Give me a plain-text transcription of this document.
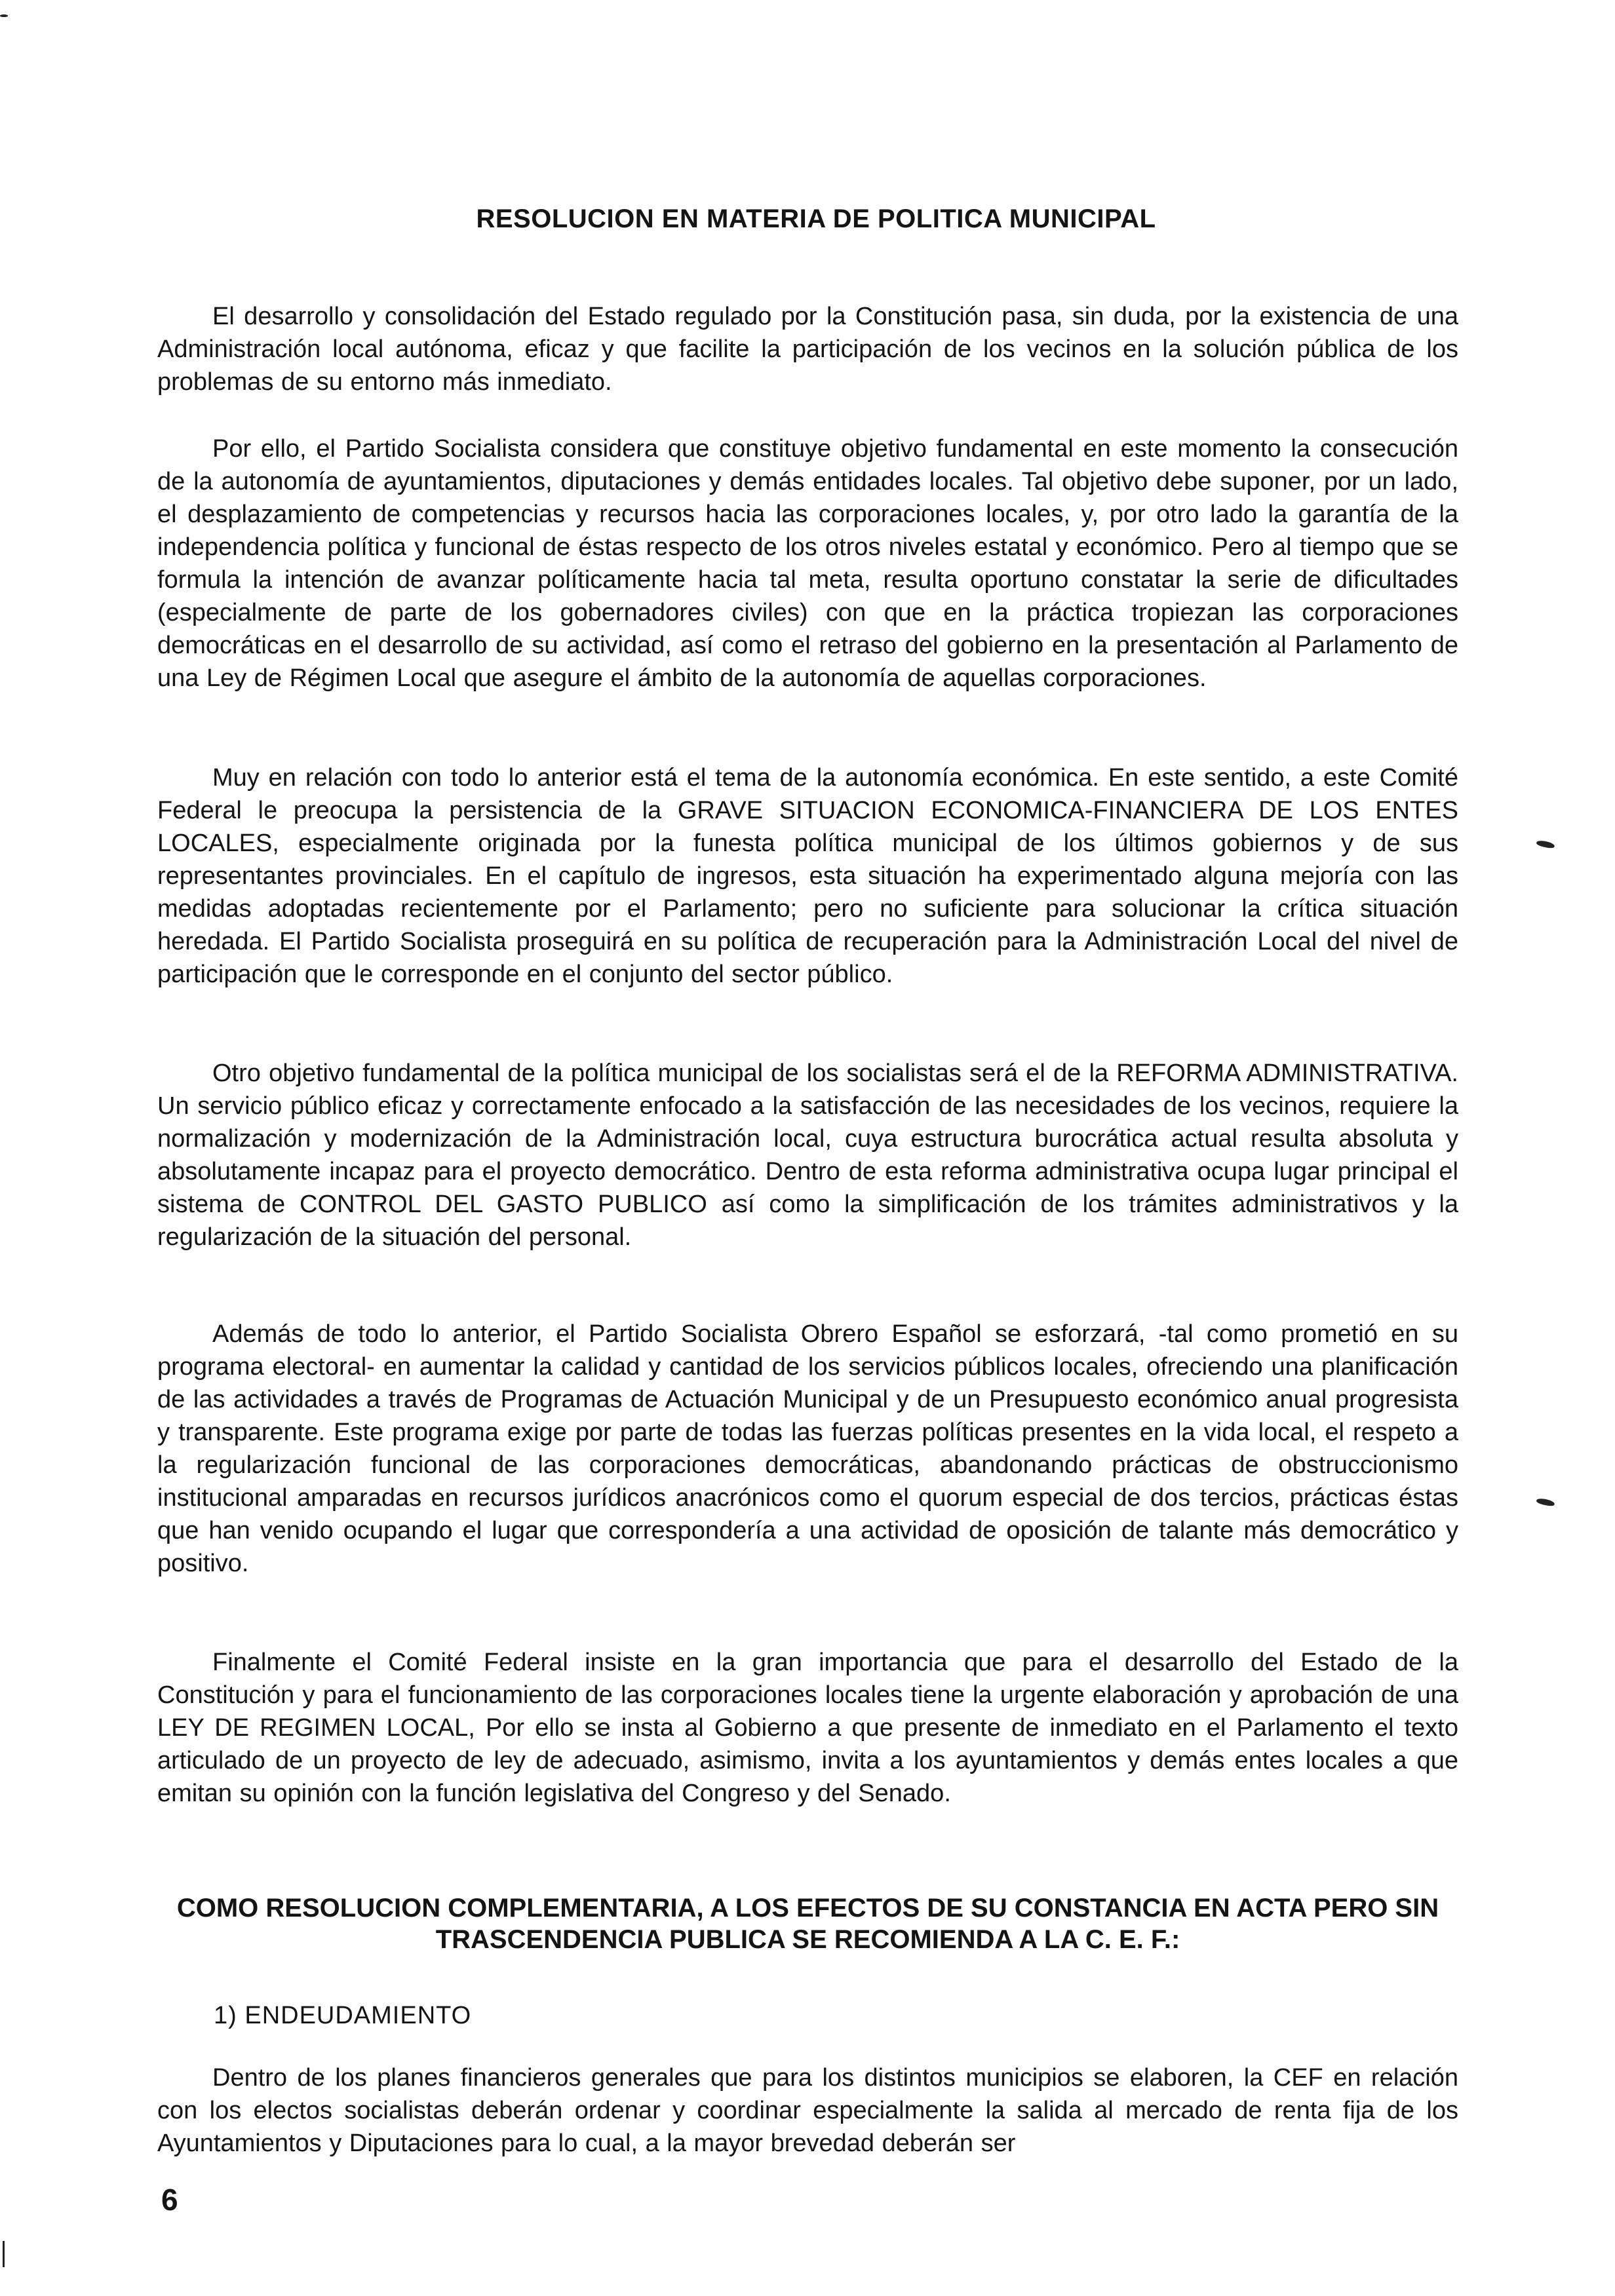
RESOLUCION EN MATERIA DE POLITICA MUNICIPAL

El desarrollo y consolidación del Estado regulado por la Constitución pasa, sin duda, por la existencia de una Administración local autónoma, eficaz y que facilite la participación de los vecinos en la solución pública de los problemas de su entorno más inmediato.

Por ello, el Partido Socialista considera que constituye objetivo fundamental en este momento la consecución de la autonomía de ayuntamientos, diputaciones y demás entidades locales. Tal objetivo debe suponer, por un lado, el desplazamiento de competencias y recursos hacia las corporaciones locales, y, por otro lado la garantía de la independencia política y funcional de éstas respecto de los otros niveles estatal y económico. Pero al tiempo que se formula la intención de avanzar políticamente hacia tal meta, resulta oportuno constatar la serie de dificultades (especialmente de parte de los gobernadores civiles) con que en la práctica tropiezan las corporaciones democráticas en el desarrollo de su actividad, así como el retraso del gobierno en la presentación al Parlamento de una Ley de Régimen Local que asegure el ámbito de la autonomía de aquellas corporaciones.

Muy en relación con todo lo anterior está el tema de la autonomía económica. En este sentido, a este Comité Federal le preocupa la persistencia de la GRAVE SITUACION ECONOMICA-FINANCIERA DE LOS ENTES LOCALES, especialmente originada por la funesta política municipal de los últimos gobiernos y de sus representantes provinciales. En el capítulo de ingresos, esta situación ha experimentado alguna mejoría con las medidas adoptadas recientemente por el Parlamento; pero no suficiente para solucionar la crítica situación heredada. El Partido Socialista proseguirá en su política de recuperación para la Administración Local del nivel de participación que le corresponde en el conjunto del sector público.

Otro objetivo fundamental de la política municipal de los socialistas será el de la REFORMA ADMINISTRATIVA. Un servicio público eficaz y correctamente enfocado a la satisfacción de las necesidades de los vecinos, requiere la normalización y modernización de la Administración local, cuya estructura burocrática actual resulta absoluta y absolutamente incapaz para el proyecto democrático. Dentro de esta reforma administrativa ocupa lugar principal el sistema de CONTROL DEL GASTO PUBLICO así como la simplificación de los trámites administrativos y la regularización de la situación del personal.

Además de todo lo anterior, el Partido Socialista Obrero Español se esforzará, -tal como prometió en su programa electoral- en aumentar la calidad y cantidad de los servicios públicos locales, ofreciendo una planificación de las actividades a través de Programas de Actuación Municipal y de un Presupuesto económico anual progresista y transparente. Este programa exige por parte de todas las fuerzas políticas presentes en la vida local, el respeto a la regularización funcional de las corporaciones democráticas, abandonando prácticas de obstruccionismo institucional amparadas en recursos jurídicos anacrónicos como el quorum especial de dos tercios, prácticas éstas que han venido ocupando el lugar que correspondería a una actividad de oposición de talante más democrático y positivo.

Finalmente el Comité Federal insiste en la gran importancia que para el desarrollo del Estado de la Constitución y para el funcionamiento de las corporaciones locales tiene la urgente elaboración y aprobación de una LEY DE REGIMEN LOCAL, Por ello se insta al Gobierno a que presente de inmediato en el Parlamento el texto articulado de un proyecto de ley de adecuado, asimismo, invita a los ayuntamientos y demás entes locales a que emitan su opinión con la función legislativa del Congreso y del Senado.

COMO RESOLUCION COMPLEMENTARIA, A LOS EFECTOS DE SU CONSTANCIA EN ACTA PERO SIN TRASCENDENCIA PUBLICA SE RECOMIENDA A LA C. E. F.:

1) ENDEUDAMIENTO

Dentro de los planes financieros generales que para los distintos municipios se elaboren, la CEF en relación con los electos socialistas deberán ordenar y coordinar especialmente la salida al mercado de renta fija de los Ayuntamientos y Diputaciones para lo cual, a la mayor brevedad deberán ser

6
